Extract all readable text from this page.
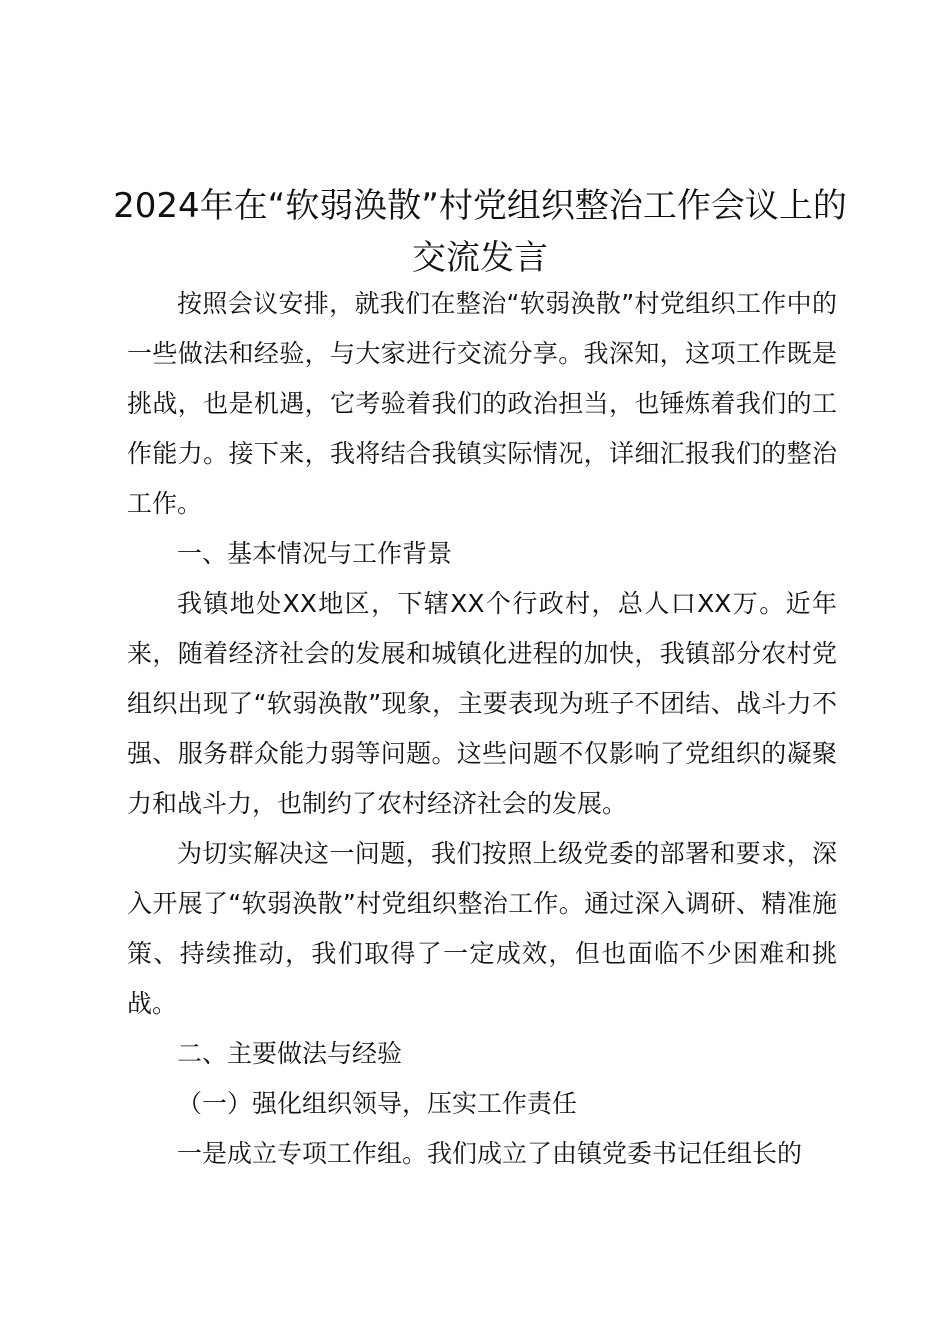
2024年在“软弱涣散”村党组织整治工作会议上的交流发言

按照会议安排，就我们在整治“软弱涣散”村党组织工作中的一些做法和经验，与大家进行交流分享。我深知，这项工作既是挑战，也是机遇，它考验着我们的政治担当，也锤炼着我们的工作能力。接下来，我将结合我镇实际情况，详细汇报我们的整治工作。

一、基本情况与工作背景

我镇地处XX地区，下辖XX个行政村，总人口XX万。近年来，随着经济社会的发展和城镇化进程的加快，我镇部分农村党组织出现了“软弱涣散”现象，主要表现为班子不团结、战斗力不强、服务群众能力弱等问题。这些问题不仅影响了党组织的凝聚力和战斗力，也制约了农村经济社会的发展。

为切实解决这一问题，我们按照上级党委的部署和要求，深入开展了“软弱涣散”村党组织整治工作。通过深入调研、精准施策、持续推动，我们取得了一定成效，但也面临不少困难和挑战。

二、主要做法与经验

（一）强化组织领导，压实工作责任

一是成立专项工作组。我们成立了由镇党委书记任组长的
